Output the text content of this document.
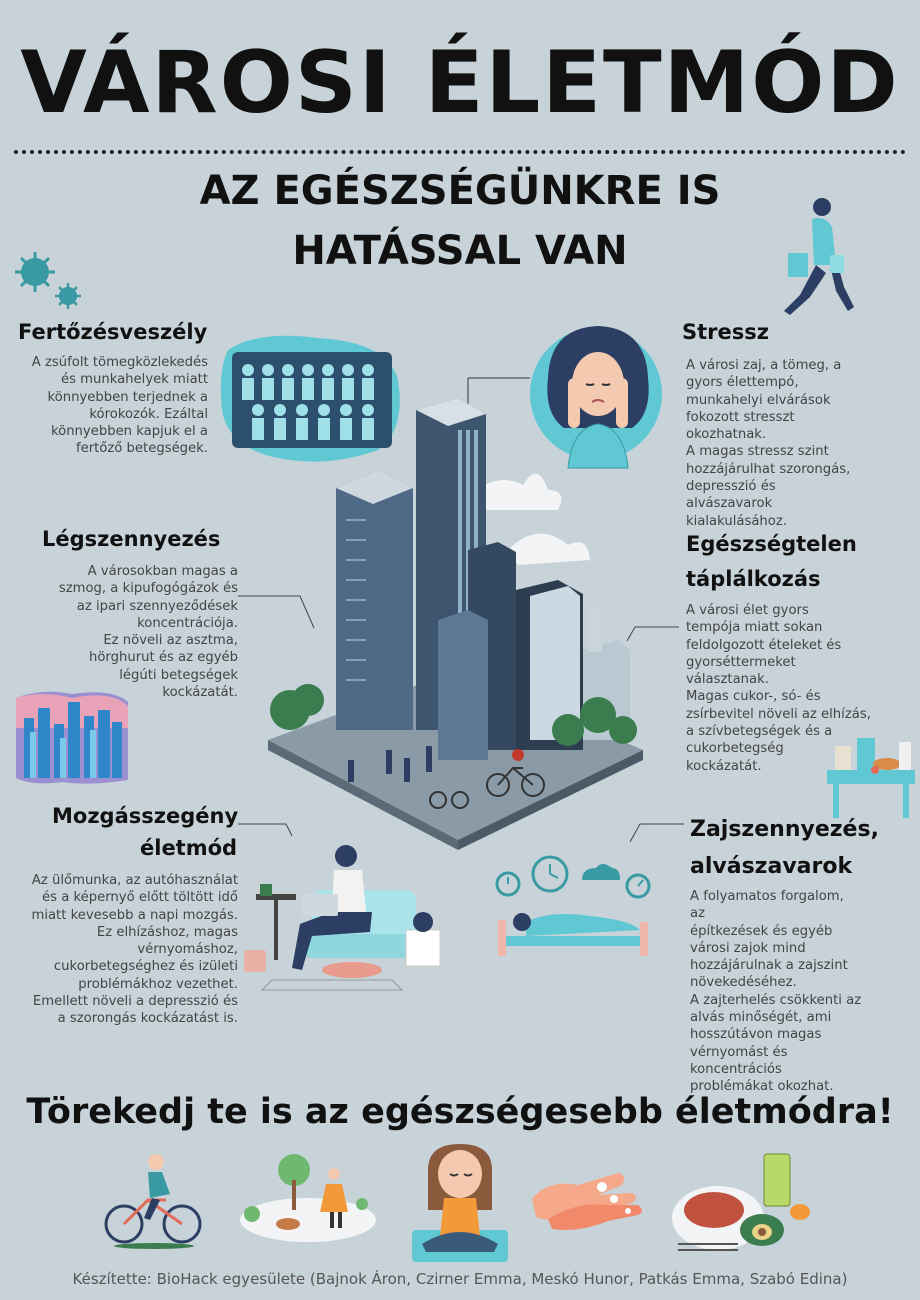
VÁROSI ÉLETMÓD
AZ EGÉSZSÉGÜNKRE IS
HATÁSSAL VAN
Fertőzésveszély
A zsúfolt tömegközlekedés
és munkahelyek miatt
könnyebben terjednek a
kórokozók. Ezáltal
könnyebben kapjuk el a
fertőző betegségek.
Stressz
A városi zaj, a tömeg, a
gyors élettempó,
munkahelyi elvárások
fokozott stresszt
okozhatnak.
A magas stressz szint
hozzájárulhat szorongás,
depresszió és
alvászavarok
kialakulásához.
Légszennyezés
A városokban magas a
szmog, a kipufogógázok és
az ipari szennyeződések
koncentrációja.
Ez növeli az asztma,
hörghurut és az egyéb
légúti betegségek
kockázatát.
Egészségtelen
táplálkozás
A városi élet gyors
tempója miatt sokan
feldolgozott ételeket és
gyorséttermeket
választanak.
Magas cukor-, só- és
zsírbevitel növeli az elhízás,
a szívbetegségek és a
cukorbetegség
kockázatát.
Mozgásszegény
életmód
Az ülőmunka, az autóhasználat
és a képernyő előtt töltött idő
miatt kevesebb a napi mozgás.
Ez elhízáshoz, magas
vérnyomáshoz,
cukorbetegséghez és izületi
problémákhoz vezethet.
Emellett növeli a depresszió és
a szorongás kockázatást is.
Zajszennyezés,
alvászavarok
A folyamatos forgalom,
az
építkezések és egyéb
városi zajok mind
hozzájárulnak a zajszint
növekedéséhez.
A zajterhelés csökkenti az
alvás minőségét, ami
hosszútávon magas
vérnyomást és
koncentrációs
problémákat okozhat.
Törekedj te is az egészségesebb életmódra!
Készítette: BioHack egyesülete (Bajnok Áron, Czirner Emma, Meskó Hunor, Patkás Emma, Szabó Edina)
